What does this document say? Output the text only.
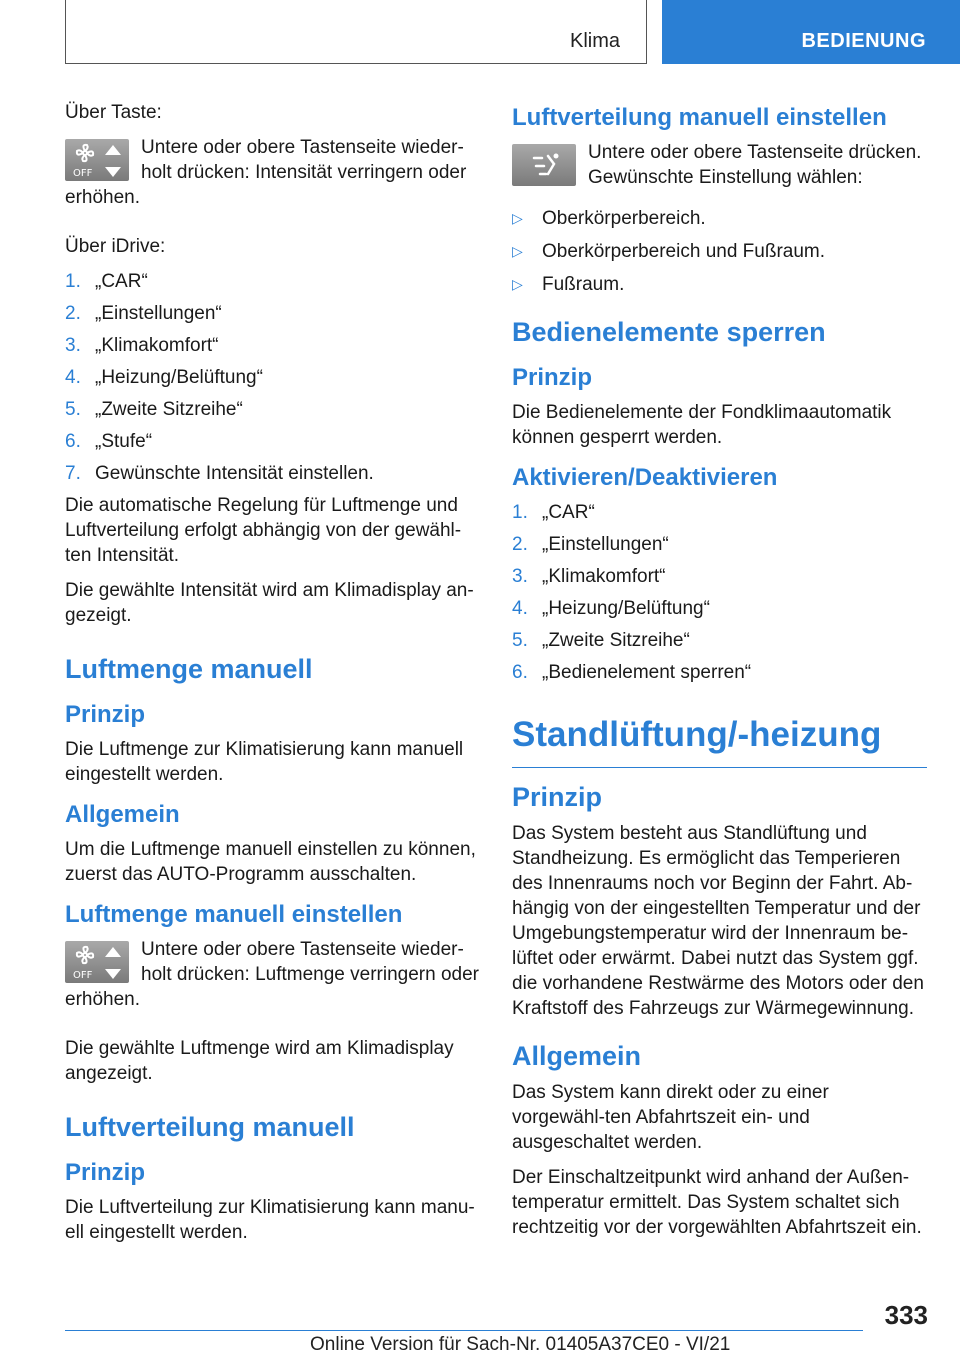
Klima	BEDIENUNG

Über Taste:

OFF

Untere oder obere Tastenseite wieder-holt drücken: Intensität verringern oder erhöhen.

Über iDrive:

1. „CAR“
2. „Einstellungen“
3. „Klimakomfort“
4. „Heizung/Belüftung“
5. „Zweite Sitzreihe“
6. „Stufe“
7. Gewünschte Intensität einstellen.

Die automatische Regelung für Luftmenge und Luftverteilung erfolgt abhängig von der gewähl-ten Intensität.

Die gewählte Intensität wird am Klimadisplay an-gezeigt.

Luftmenge manuell
Prinzip

Die Luftmenge zur Klimatisierung kann manuell eingestellt werden.

Allgemein

Um die Luftmenge manuell einstellen zu können, zuerst das AUTO-Programm ausschalten.

Luftmenge manuell einstellen
OFF

Untere oder obere Tastenseite wieder-holt drücken: Luftmenge verringern oder erhöhen.

Die gewählte Luftmenge wird am Klimadisplay angezeigt.

Luftverteilung manuell
Prinzip

Die Luftverteilung zur Klimatisierung kann manu-ell eingestellt werden.

Luftverteilung manuell einstellen

Untere oder obere Tastenseite drücken. Gewünschte Einstellung wählen:

▷	Oberkörperbereich.
▷	Oberkörperbereich und Fußraum.
▷	Fußraum.
Bedienelemente sperren
Prinzip

Die Bedienelemente der Fondklimaautomatik können gesperrt werden.

Aktivieren/Deaktivieren
1. „CAR“
2. „Einstellungen“
3. „Klimakomfort“
4. „Heizung/Belüftung“
5. „Zweite Sitzreihe“
6. „Bedienelement sperren“
Standlüftung/-heizung
Prinzip

Das System besteht aus Standlüftung und Standheizung. Es ermöglicht das Temperieren des Innenraums noch vor Beginn der Fahrt. Ab-hängig von der eingestellten Temperatur und der Umgebungstemperatur wird der Innenraum be-lüftet oder erwärmt. Dabei nutzt das System ggf. die vorhandene Restwärme des Motors oder den Kraftstoff des Fahrzeugs zur Wärmegewinnung.

Allgemein

Das System kann direkt oder zu einer vorgewähl-ten Abfahrtszeit ein- und ausgeschaltet werden.

Der Einschaltzeitpunkt wird anhand der Außen-temperatur ermittelt. Das System schaltet sich rechtzeitig vor der vorgewählten Abfahrtszeit ein.

333
Online Version für Sach-Nr. 01405A37CE0 - VI/21
